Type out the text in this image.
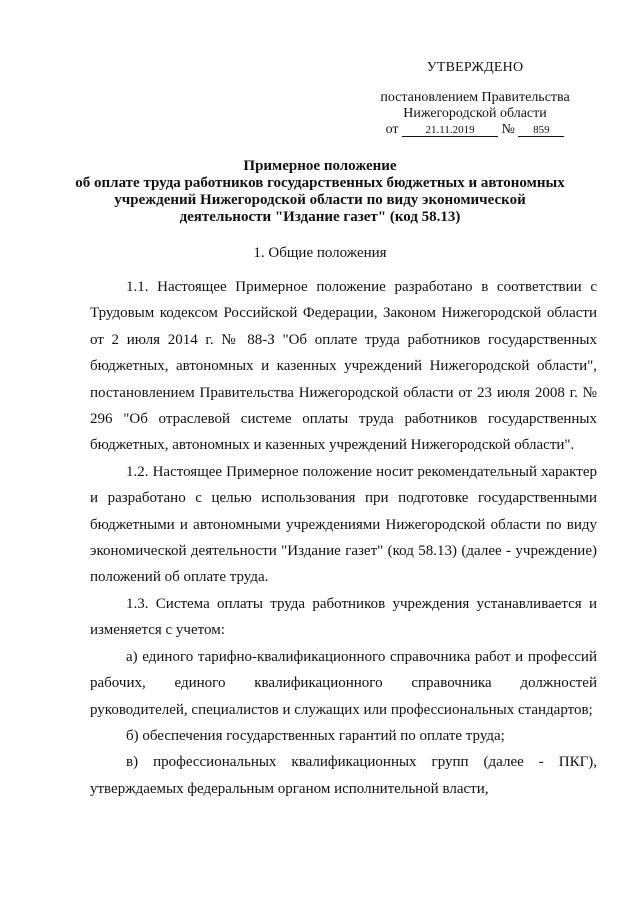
УТВЕРЖДЕНО
постановлением Правительства
Нижегородской области
от 21.11.2019 № 859
Примерное положение
об оплате труда работников государственных бюджетных и автономных
учреждений Нижегородской области по виду экономической
деятельности "Издание газет" (код 58.13)
1. Общие положения

1.1. Настоящее Примерное положение разработано в соответствии с Трудовым кодексом Российской Федерации, Законом Нижегородской области от 2 июля 2014 г. № 88-З "Об оплате труда работников государственных бюджетных, автономных и казенных учреждений Нижегородской области", постановлением Правительства Нижегородской области от 23 июля 2008 г. № 296 "Об отраслевой системе оплаты труда работников государственных бюджетных, автономных и казенных учреждений Нижегородской области".

1.2. Настоящее Примерное положение носит рекомендательный характер и разработано с целью использования при подготовке государственными бюджетными и автономными учреждениями Нижегородской области по виду экономической деятельности "Издание газет" (код 58.13) (далее - учреждение) положений об оплате труда.

1.3. Система оплаты труда работников учреждения устанавливается и изменяется с учетом:

а) единого тарифно-квалификационного справочника работ и профессий рабочих, единого квалификационного справочника должностей руководителей, специалистов и служащих или профессиональных стандартов;

б) обеспечения государственных гарантий по оплате труда;

в) профессиональных квалификационных групп (далее - ПКГ), утверждаемых федеральным органом исполнительной власти,
